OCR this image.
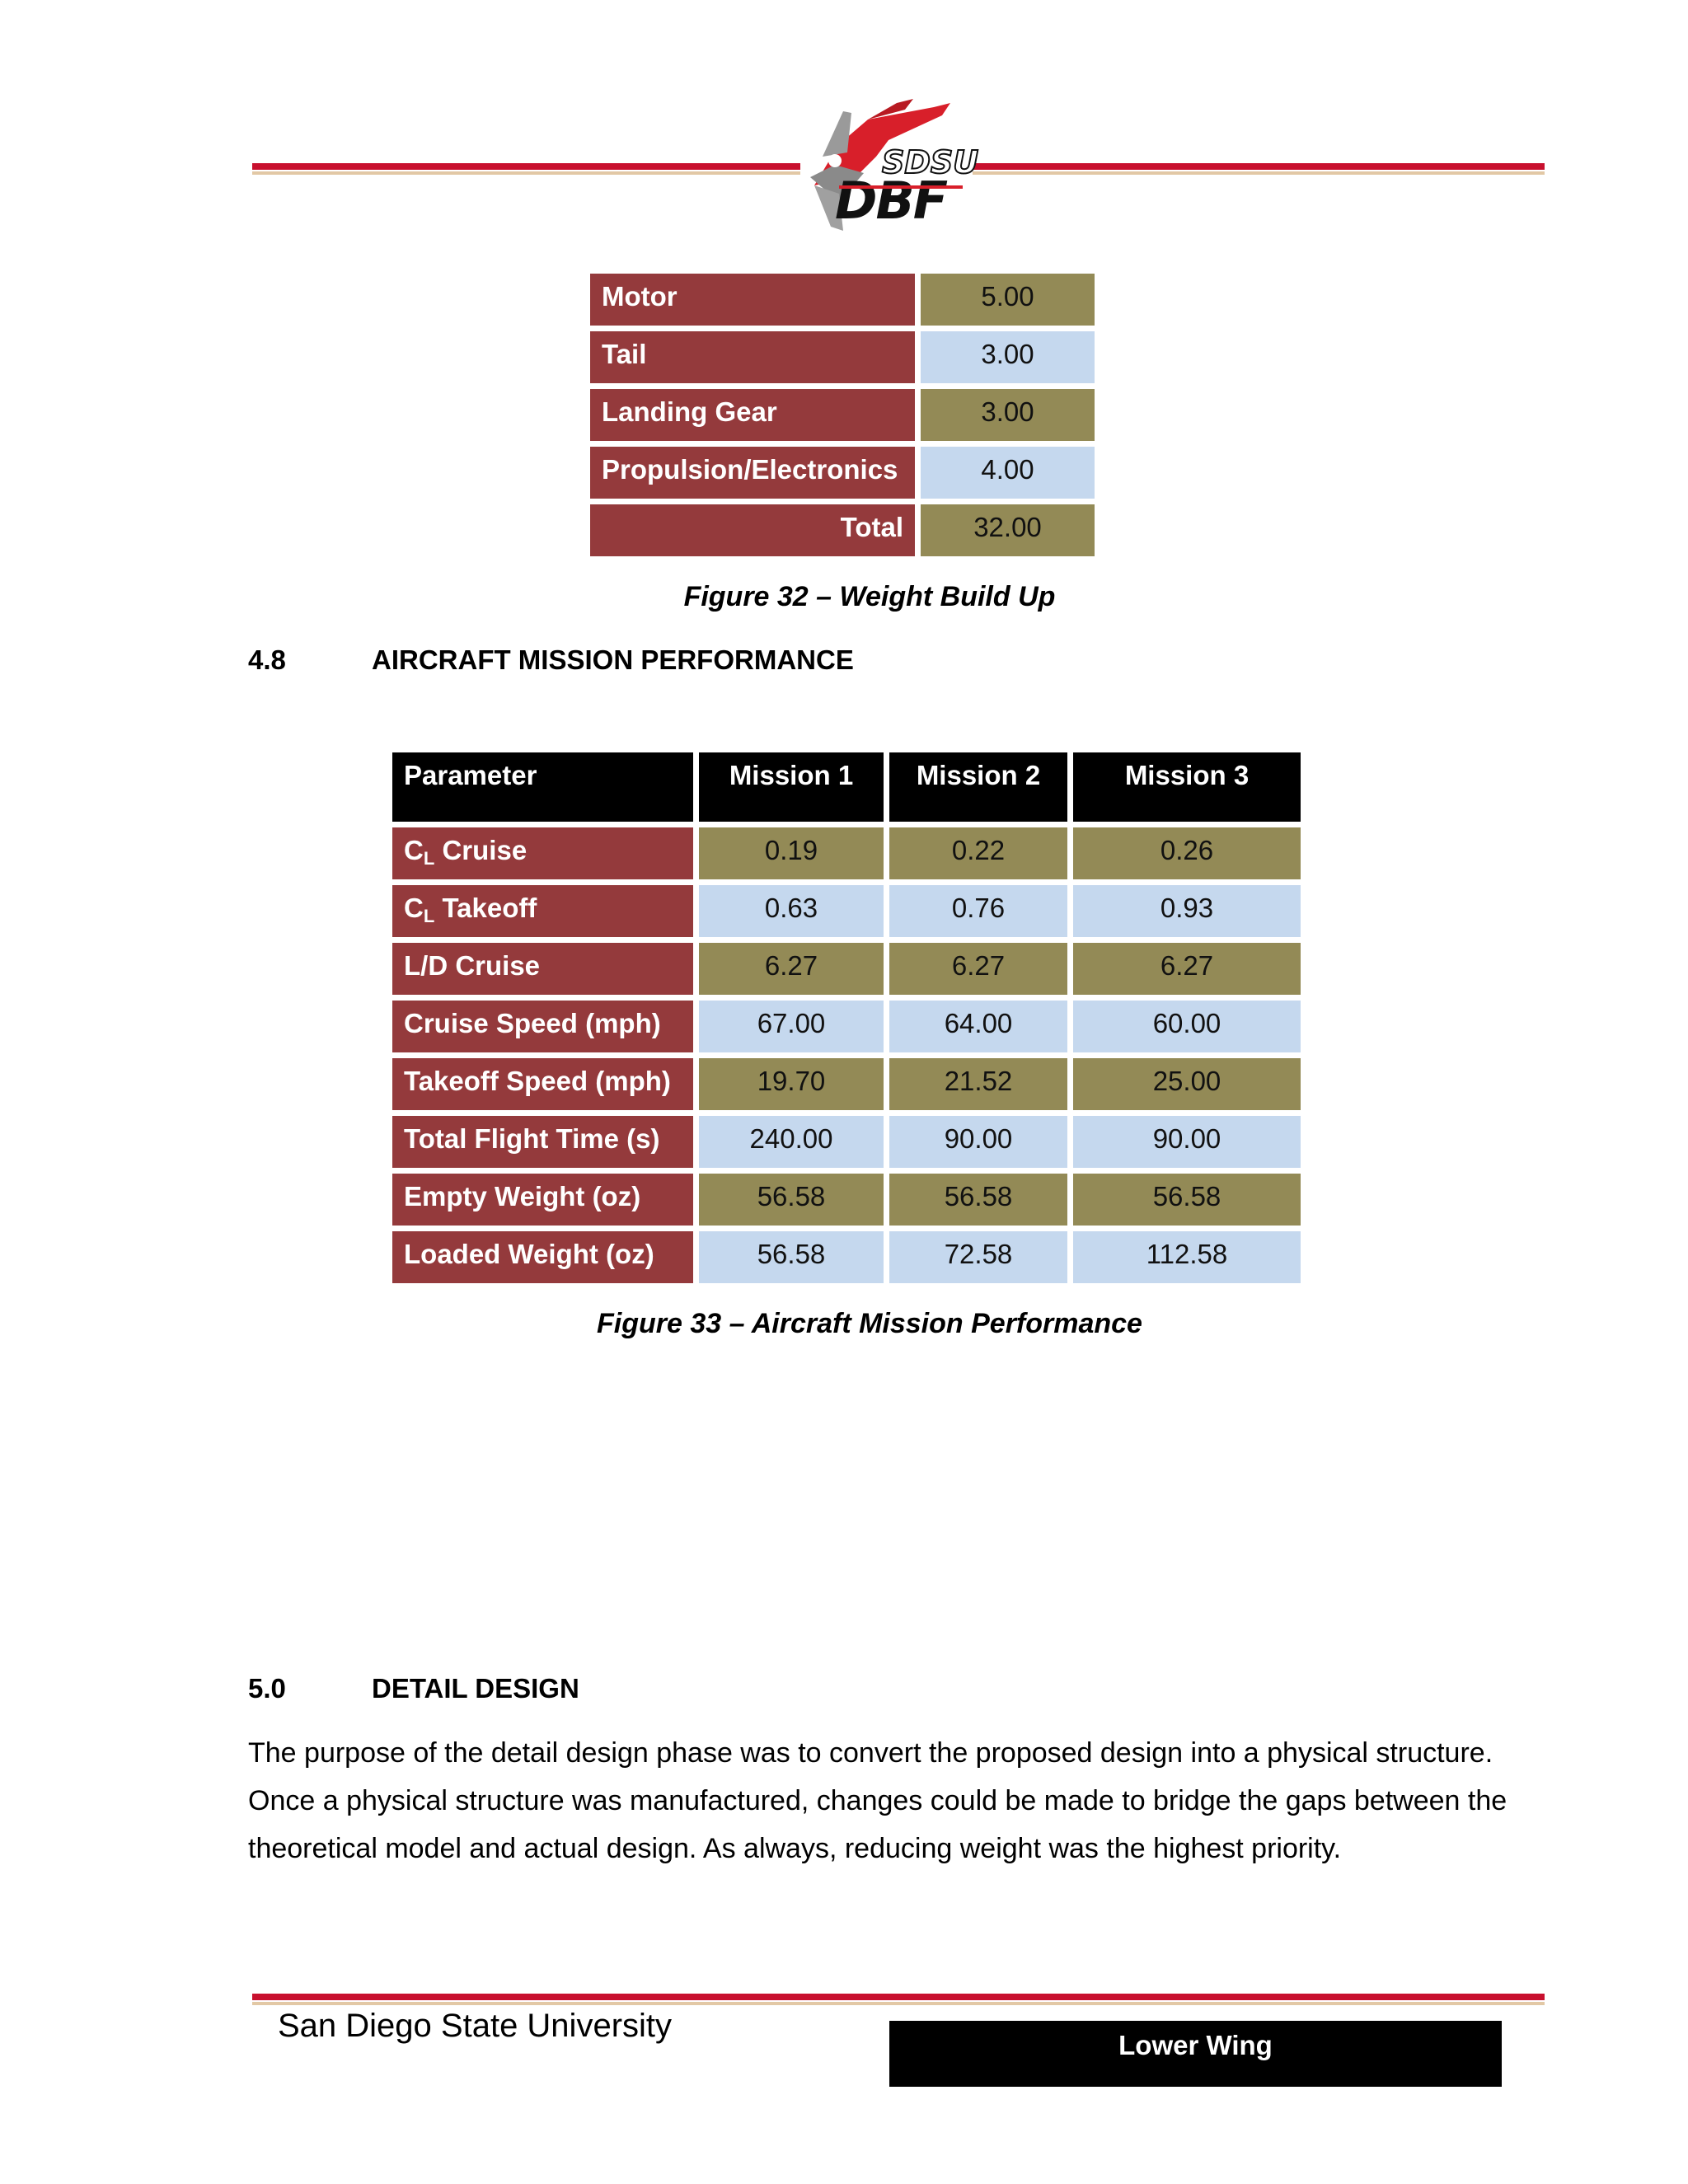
SDSU
DBF
Motor	5.00
Tail	3.00
Landing Gear	3.00
Propulsion/Electronics	4.00
Total	32.00
Figure 32 – Weight Build Up
4.8	AIRCRAFT MISSION PERFORMANCE
Parameter	Mission 1	Mission 2	Mission 3
$C_L$ Cruise	0.19	0.22	0.26
$C_L$ Takeoff	0.63	0.76	0.93
L/D Cruise	6.27	6.27	6.27
Cruise Speed (mph)	67.00	64.00	60.00
Takeoff Speed (mph)	19.70	21.52	25.00
Total Flight Time (s)	240.00	90.00	90.00
Empty Weight (oz)	56.58	56.58	56.58
Loaded Weight (oz)	56.58	72.58	112.58
Figure 33 – Aircraft Mission Performance
5.0	DETAIL DESIGN
The purpose of the detail design phase was to convert the proposed design into a physical structure.
Once a physical structure was manufactured, changes could be made to bridge the gaps between the
theoretical model and actual design. As always, reducing weight was the highest priority.
San Diego State University
Lower Wing
